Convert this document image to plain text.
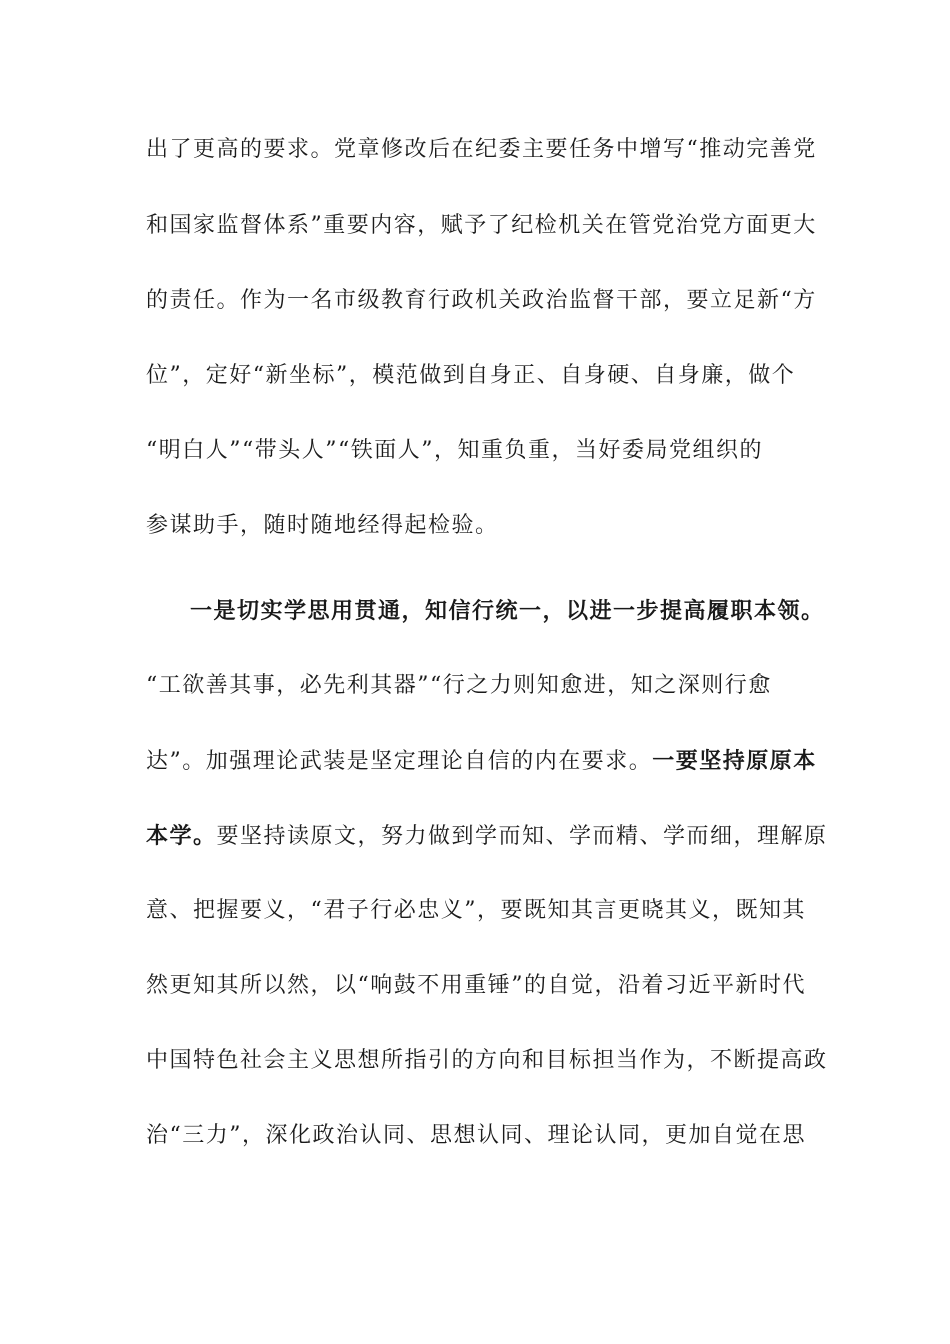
出了更高的要求。党章修改后在纪委主要任务中增写“推动完善党
和国家监督体系”重要内容，赋予了纪检机关在管党治党方面更大
的责任。作为一名市级教育行政机关政治监督干部，要立足新“方
位”，定好“新坐标”，模范做到自身正、自身硬、自身廉，做个
“明白人”“带头人”“铁面人”，知重负重，当好委局党组织的
参谋助手，随时随地经得起检验。
一是切实学思用贯通，知信行统一，以进一步提高履职本领。
“工欲善其事，必先利其器”“行之力则知愈进，知之深则行愈
达”。加强理论武装是坚定理论自信的内在要求。一要坚持原原本
本学。要坚持读原文，努力做到学而知、学而精、学而细，理解原
意、把握要义，“君子行必忠义”，要既知其言更晓其义，既知其
然更知其所以然，以“响鼓不用重锤”的自觉，沿着习近平新时代
中国特色社会主义思想所指引的方向和目标担当作为，不断提高政
治“三力”，深化政治认同、思想认同、理论认同，更加自觉在思
